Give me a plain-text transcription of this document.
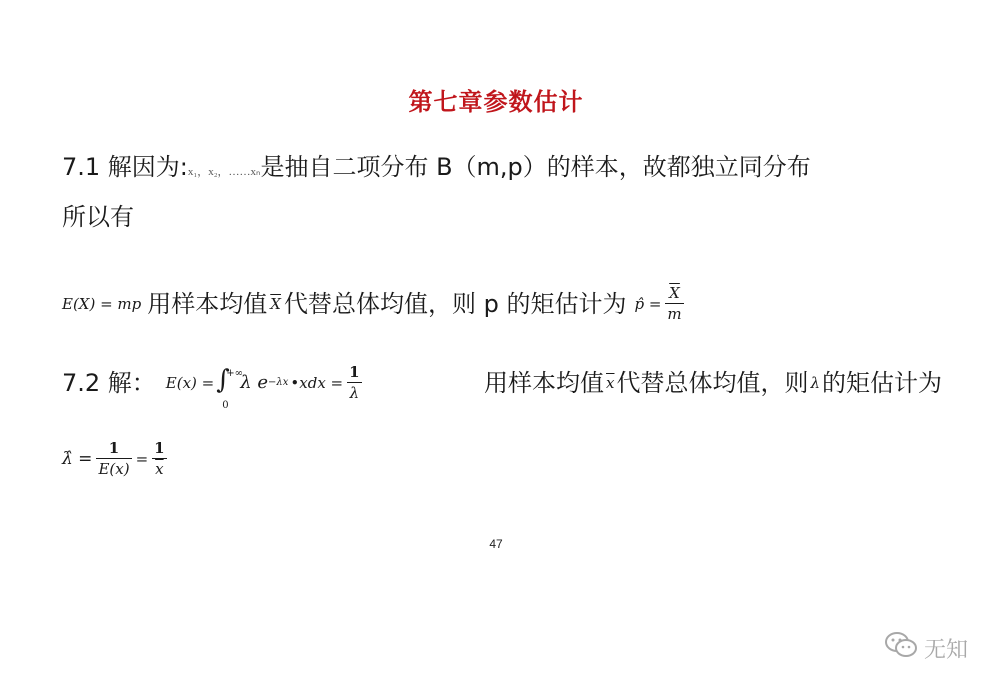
第七章参数估计
7.1 解因为:x₁，x₂，……xₙ是抽自二项分布 B（m,p）的样本，故都独立同分布
所以有
E(X) = mp 用样本均值 $\overline{X}$ 代替总体均值，则 p 的矩估计为 p̂ = $\frac{\overline{X}}{m}$
7.2 解： E(x) = ∫
+∞
0
λ e −λx •xdx = $\frac{1}{\lambda}$	用样本均值 $\overline{x}$ 代替总体均值，则 λ 的矩估计为
λ̂ = $\frac{1}{E(x)} = \frac{1}{x}$
47
无知
